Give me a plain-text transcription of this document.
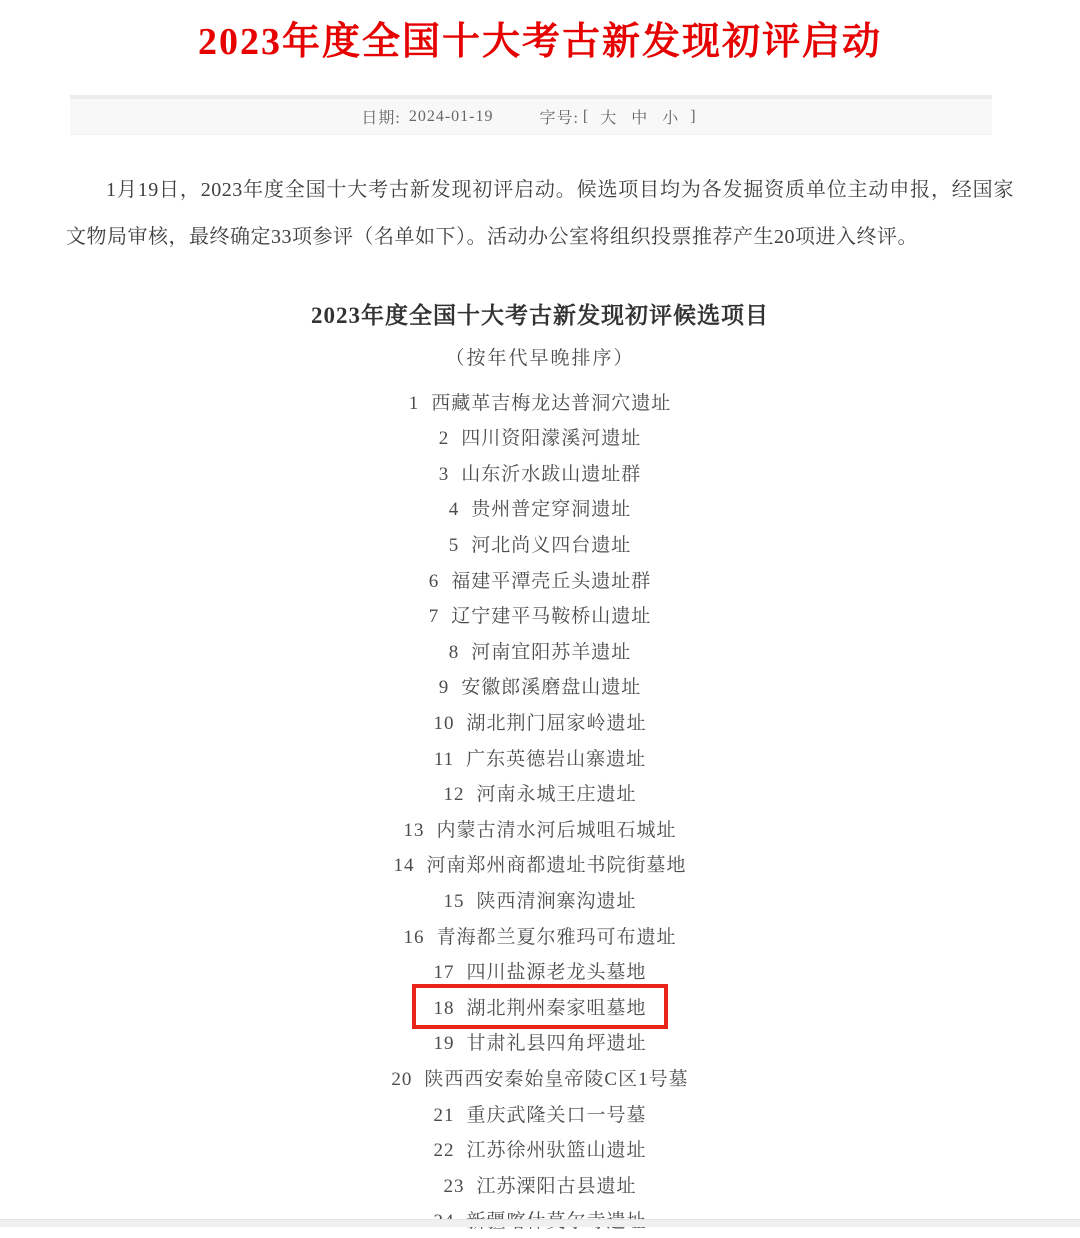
2023年度全国十大考古新发现初评启动
日期: 2024-01-19	字号: [ 大 中 小 ]

1月19日，2023年度全国十大考古新发现初评启动。候选项目均为各发掘资质单位主动申报，经国家文物局审核，最终确定33项参评（名单如下）。活动办公室将组织投票推荐产生20项进入终评。

2023年度全国十大考古新发现初评候选项目
（按年代早晚排序）
1 西藏革吉梅龙达普洞穴遗址
2 四川资阳濛溪河遗址
3 山东沂水跋山遗址群
4 贵州普定穿洞遗址
5 河北尚义四台遗址
6 福建平潭壳丘头遗址群
7 辽宁建平马鞍桥山遗址
8 河南宜阳苏羊遗址
9 安徽郎溪磨盘山遗址
10 湖北荆门屈家岭遗址
11 广东英德岩山寨遗址
12 河南永城王庄遗址
13 内蒙古清水河后城咀石城址
14 河南郑州商都遗址书院街墓地
15 陕西清涧寨沟遗址
16 青海都兰夏尔雅玛可布遗址
17 四川盐源老龙头墓地
18 湖北荆州秦家咀墓地
19 甘肃礼县四角坪遗址
20 陕西西安秦始皇帝陵C区1号墓
21 重庆武隆关口一号墓
22 江苏徐州驮篮山遗址
23 江苏溧阳古县遗址
